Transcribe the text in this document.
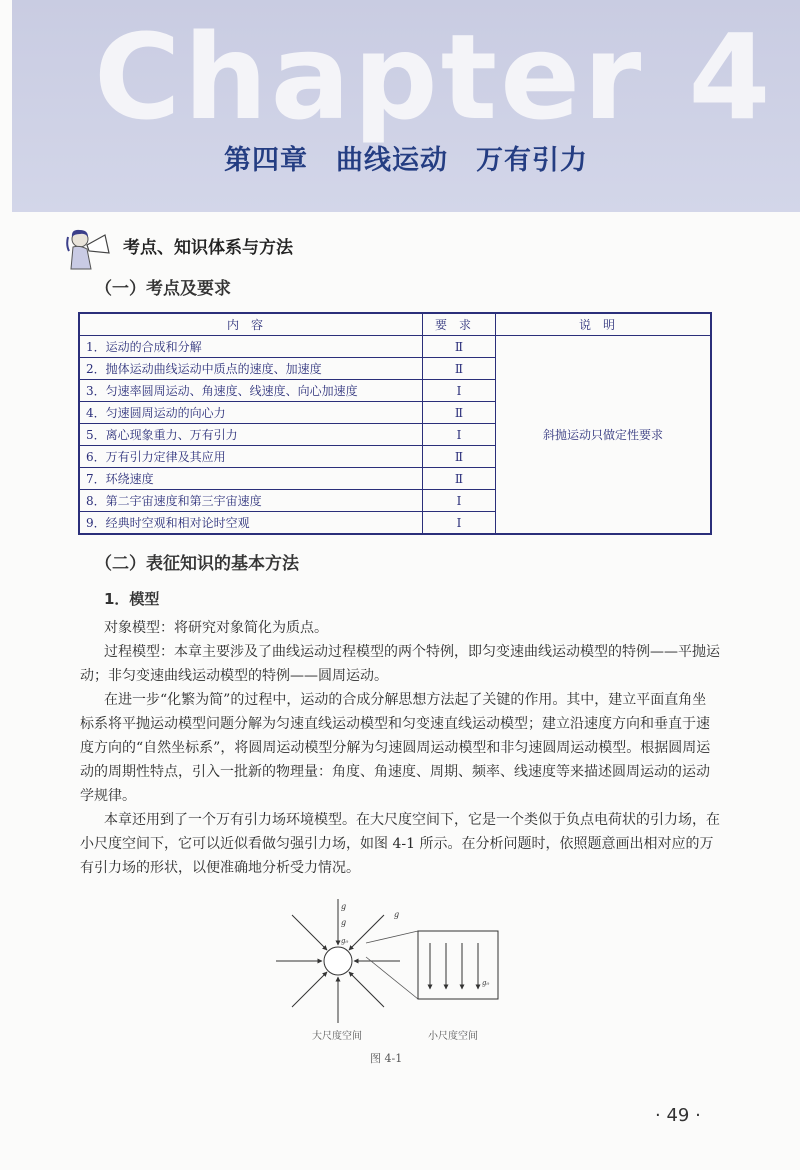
Chapter 4
第四章　曲线运动　万有引力
考点、知识体系与方法
（一）考点及要求
内容	要求	说明
1．运动的合成和分解	Ⅱ	斜抛运动只做定性要求
2．抛体运动曲线运动中质点的速度、加速度	Ⅱ	
3．匀速率圆周运动、角速度、线速度、向心加速度	Ⅰ	
4．匀速圆周运动的向心力	Ⅱ	
5．离心现象重力、万有引力	Ⅰ	
6．万有引力定律及其应用	Ⅱ	
7．环绕速度	Ⅱ	
8．第二宇宙速度和第三宇宙速度	Ⅰ	
9．经典时空观和相对论时空观	Ⅰ	
（二）表征知识的基本方法
1．模型

对象模型：将研究对象简化为质点。

过程模型：本章主要涉及了曲线运动过程模型的两个特例，即匀变速曲线运动模型的特例——平抛运动；非匀变速曲线运动模型的特例——圆周运动。

在进一步“化繁为简”的过程中，运动的合成分解思想方法起了关键的作用。其中，建立平面直角坐标系将平抛运动模型问题分解为匀速直线运动模型和匀变速直线运动模型；建立沿速度方向和垂直于速度方向的“自然坐标系”，将圆周运动模型分解为匀速圆周运动模型和非匀速圆周运动模型。根据圆周运动的周期性特点，引入一批新的物理量：角度、角速度、周期、频率、线速度等来描述圆周运动的运动学规律。

本章还用到了一个万有引力场环境模型。在大尺度空间下，它是一个类似于负点电荷状的引力场，在小尺度空间下，它可以近似看做匀强引力场，如图 4-1 所示。在分析问题时，依照题意画出相对应的万有引力场的形状，以便准确地分析受力情况。

g
g
g
g₀
g₀
大尺度空间	小尺度空间
图 4-1
· 49 ·
